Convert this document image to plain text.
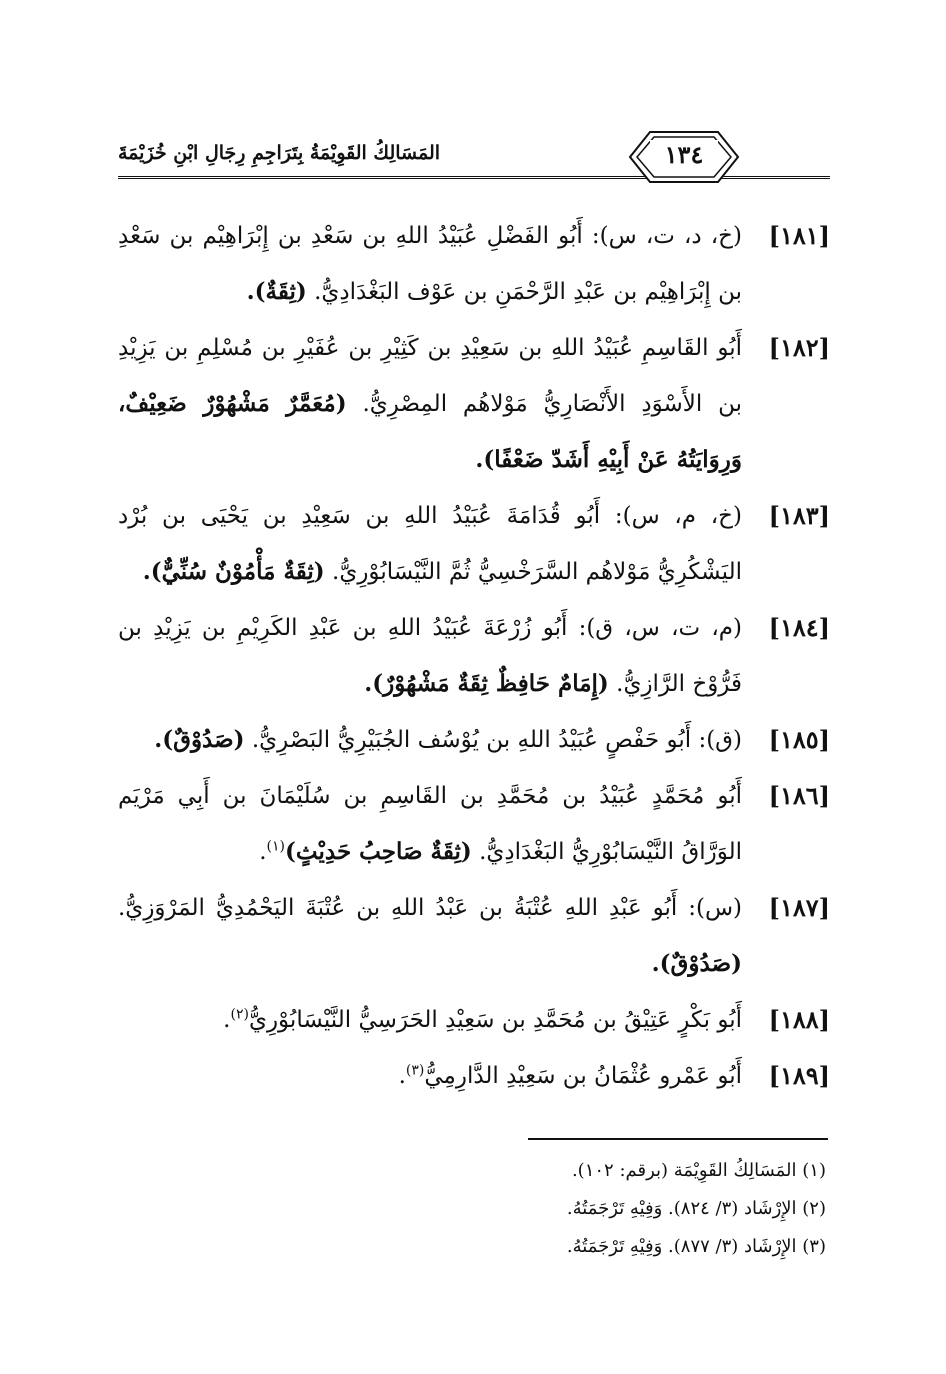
١٣٤
المَسَالِكُ القَوِيْمَةُ بِتَرَاجِمِ رِجَالِ ابْنِ خُزَيْمَةَ
[١٨١]
(خ، د، ت، س): أَبُو الفَضْلِ عُبَيْدُ اللهِ بن سَعْدِ بن إِبْرَاهِيْم بن سَعْدِ بن إِبْرَاهِيْم بن عَبْدِ الرَّحْمَنِ بن عَوْف البَغْدَادِيُّ. (ثِقَةٌ).
[١٨٢]
أَبُو القَاسِمِ عُبَيْدُ اللهِ بن سَعِيْدِ بن كَثِيْرِ بن عُفَيْرِ بن مُسْلِمِ بن يَزِيْدِ بن الأَسْوَدِ الأَنْصَارِيُّ مَوْلاهُم المِصْرِيُّ. (مُعَمَّرٌ مَشْهُوْرٌ ضَعِيْفٌ، وَرِوَايَتُهُ عَنْ أَبِيْهِ أَشَدّ ضَعْفًا).
[١٨٣]
(خ، م، س): أَبُو قُدَامَةَ عُبَيْدُ اللهِ بن سَعِيْدِ بن يَحْيَى بن بُرْد اليَشْكُرِيُّ مَوْلاهُم السَّرَخْسِيُّ ثُمَّ النَّيْسَابُوْرِيُّ. (ثِقَةٌ مَأْمُوْنٌ سُنِّيٌّ).
[١٨٤]
(م، ت، س، ق): أَبُو زُرْعَةَ عُبَيْدُ اللهِ بن عَبْدِ الكَرِيْمِ بن يَزِيْدِ بن فَرُّوْخ الرَّازِيُّ. (إِمَامٌ حَافِظٌ ثِقَةٌ مَشْهُوْرٌ).
[١٨٥]
(ق): أَبُو حَفْصٍ عُبَيْدُ اللهِ بن يُوْسُف الجُبَيْرِيُّ البَصْرِيُّ. (صَدُوْقٌ).
[١٨٦]
أَبُو مُحَمَّدٍ عُبَيْدُ بن مُحَمَّدِ بن القَاسِمِ بن سُلَيْمَانَ بن أَبِي مَرْيَم الوَرَّاقُ النَّيْسَابُوْرِيُّ البَغْدَادِيُّ. (ثِقَةٌ صَاحِبُ حَدِيْثٍ)$^{(١)}$.
[١٨٧]
(س): أَبُو عَبْدِ اللهِ عُتْبَةُ بن عَبْدُ اللهِ بن عُتْبَةَ اليَحْمُدِيُّ المَرْوَزِيُّ. (صَدُوْقٌ).
[١٨٨]
أَبُو بَكْرٍ عَتِيْقُ بن مُحَمَّدِ بن سَعِيْدِ الحَرَسِيُّ النَّيْسَابُوْرِيُّ$^{(٢)}$.
[١٨٩]
أَبُو عَمْرو عُثْمَانُ بن سَعِيْدِ الدَّارِمِيُّ$^{(٣)}$.
(١) المَسَالِكُ القَوِيْمَة (برقم: ١٠٢).
(٢) الإِرْشَاد (٣/ ٨٢٤). وَفِيْهِ تَرْجَمَتُهُ.
(٣) الإِرْشَاد (٣/ ٨٧٧). وَفِيْهِ تَرْجَمَتُهُ.
